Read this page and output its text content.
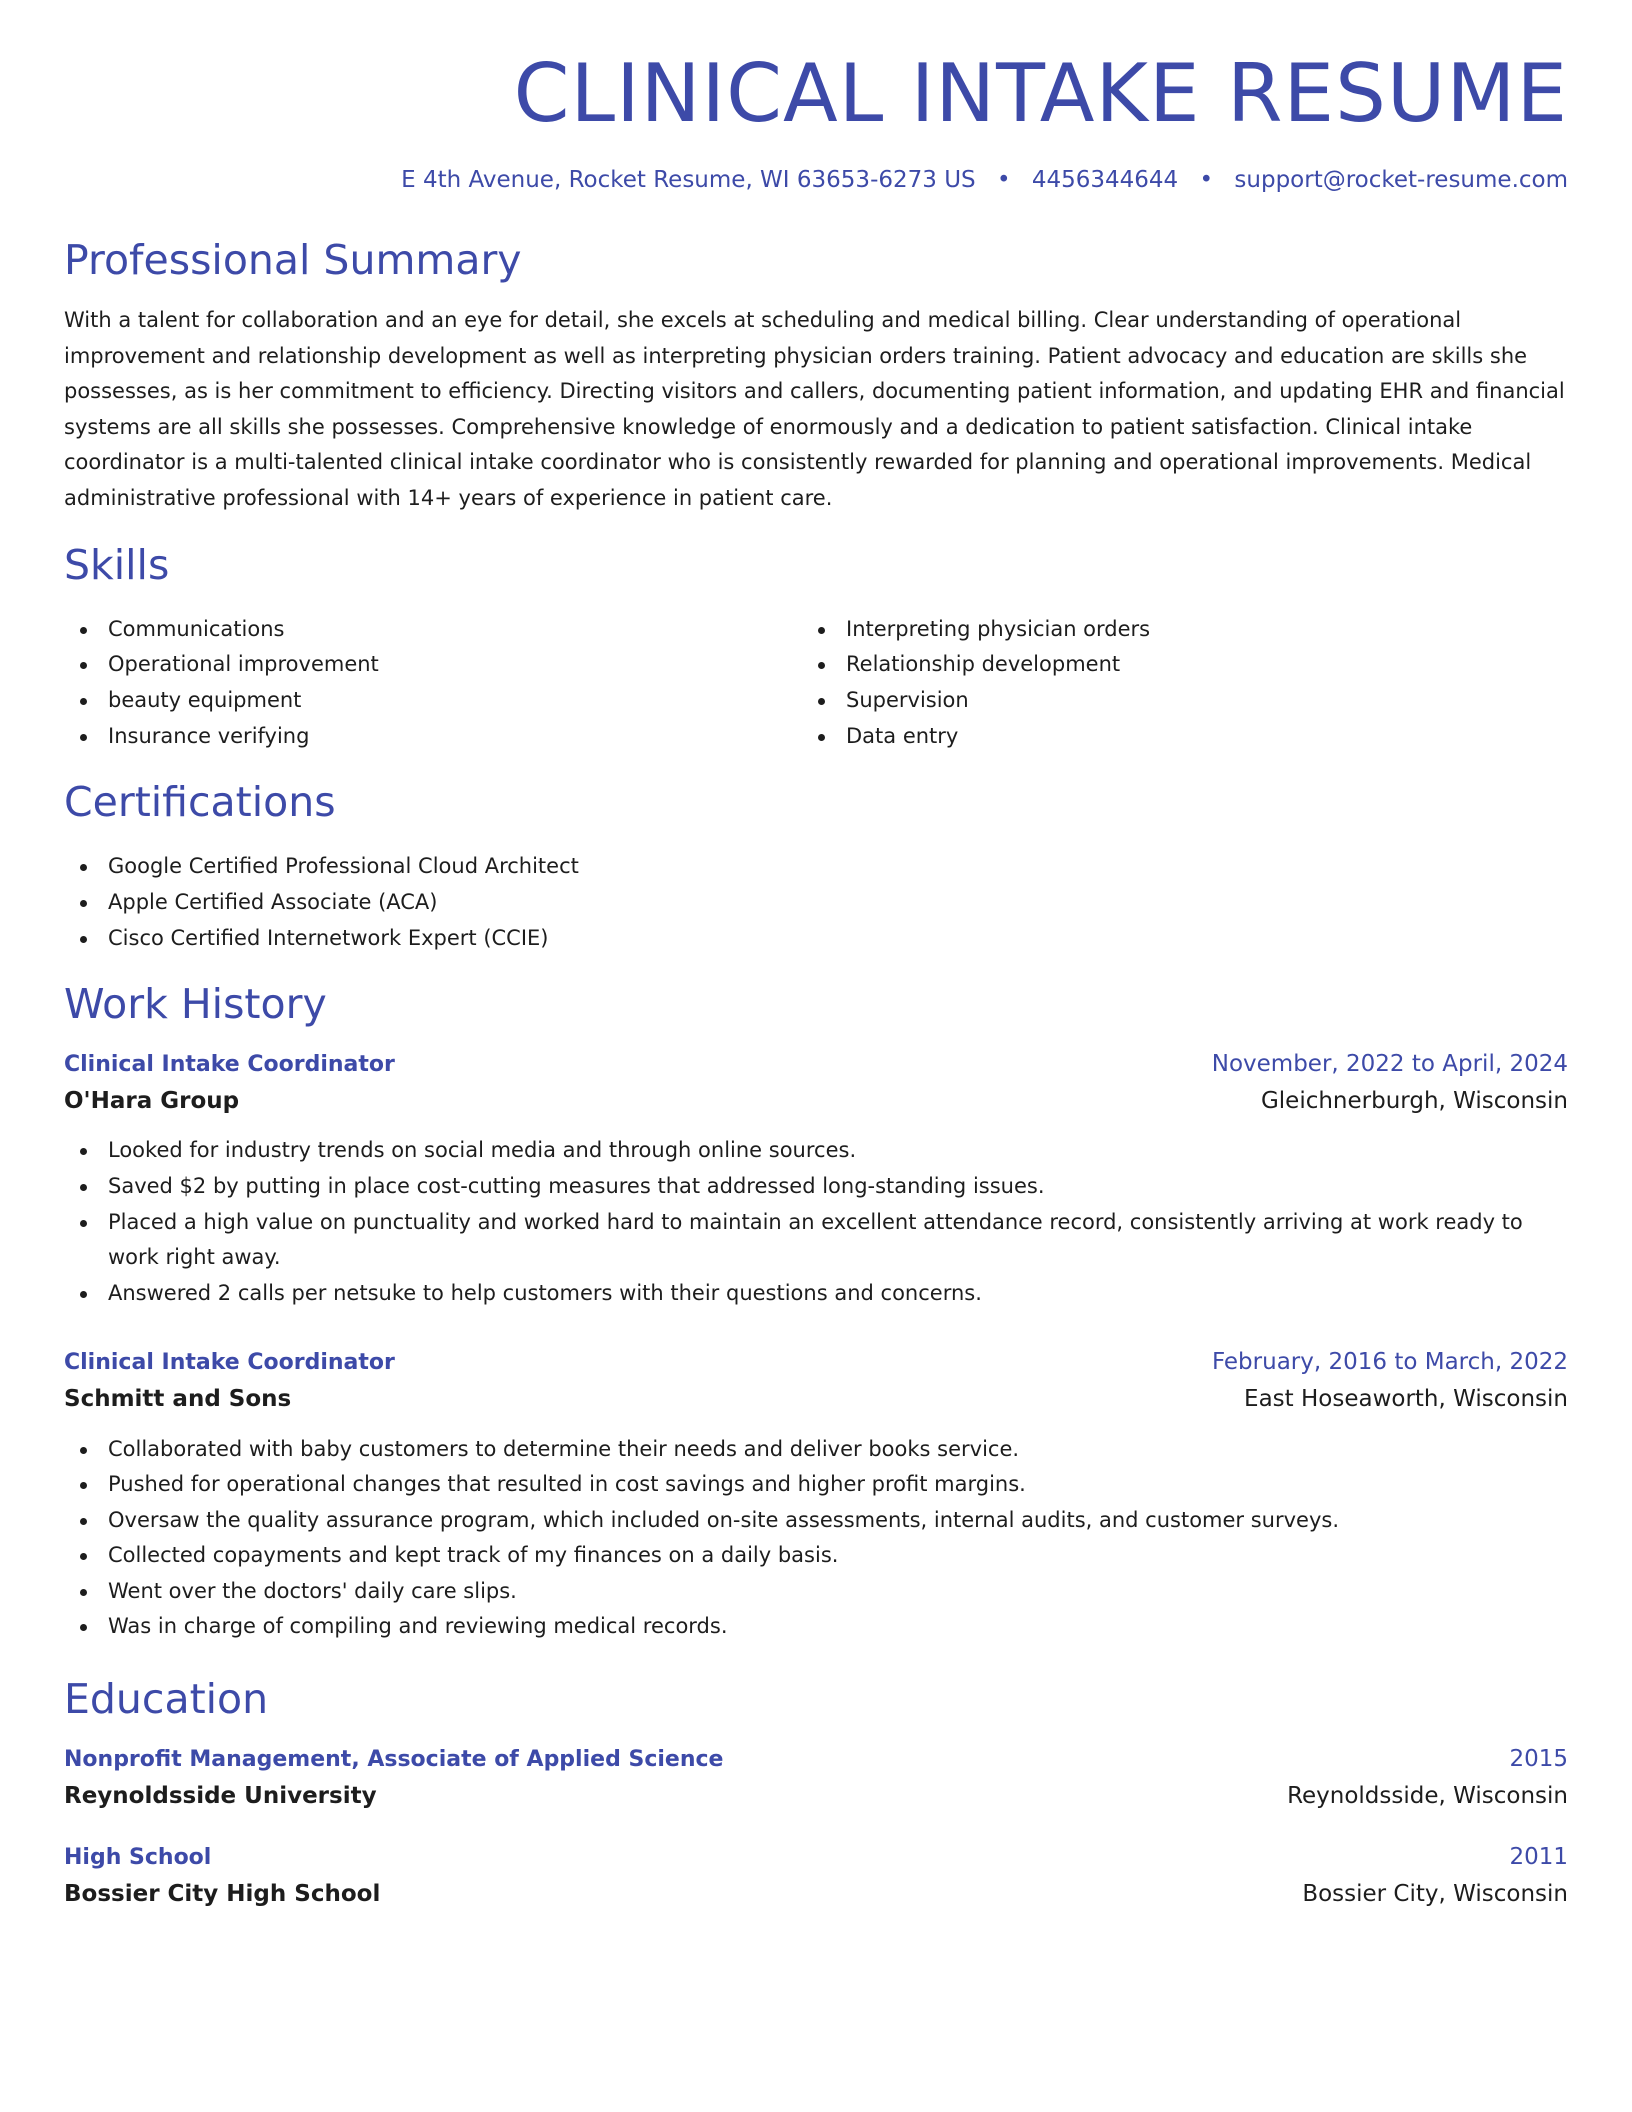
CLINICAL INTAKE RESUME
E 4th Avenue, Rocket Resume, WI 63653-6273 US • 4456344644 • support@rocket-resume.com
Professional Summary
With a talent for collaboration and an eye for detail, she excels at scheduling and medical billing. Clear understanding of operational improvement and relationship development as well as interpreting physician orders training. Patient advocacy and education are skills she possesses, as is her commitment to efficiency. Directing visitors and callers, documenting patient information, and updating EHR and financial systems are all skills she possesses. Comprehensive knowledge of enormously and a dedication to patient satisfaction. Clinical intake coordinator is a multi-talented clinical intake coordinator who is consistently rewarded for planning and operational improvements. Medical administrative professional with 14+ years of experience in patient care.
Skills
Communications
Operational improvement
beauty equipment
Insurance verifying
Interpreting physician orders
Relationship development
Supervision
Data entry
Certifications
Google Certified Professional Cloud Architect
Apple Certified Associate (ACA)
Cisco Certified Internetwork Expert (CCIE)
Work History
Clinical Intake Coordinator	November, 2022 to April, 2024
O'Hara Group	Gleichnerburgh, Wisconsin
Looked for industry trends on social media and through online sources.
Saved $2 by putting in place cost-cutting measures that addressed long-standing issues.
Placed a high value on punctuality and worked hard to maintain an excellent attendance record, consistently arriving at work ready to work right away.
Answered 2 calls per netsuke to help customers with their questions and concerns.
Clinical Intake Coordinator	February, 2016 to March, 2022
Schmitt and Sons	East Hoseaworth, Wisconsin
Collaborated with baby customers to determine their needs and deliver books service.
Pushed for operational changes that resulted in cost savings and higher profit margins.
Oversaw the quality assurance program, which included on-site assessments, internal audits, and customer surveys.
Collected copayments and kept track of my finances on a daily basis.
Went over the doctors' daily care slips.
Was in charge of compiling and reviewing medical records.
Education
Nonprofit Management, Associate of Applied Science	2015
Reynoldsside University	Reynoldsside, Wisconsin
High School	2011
Bossier City High School	Bossier City, Wisconsin
